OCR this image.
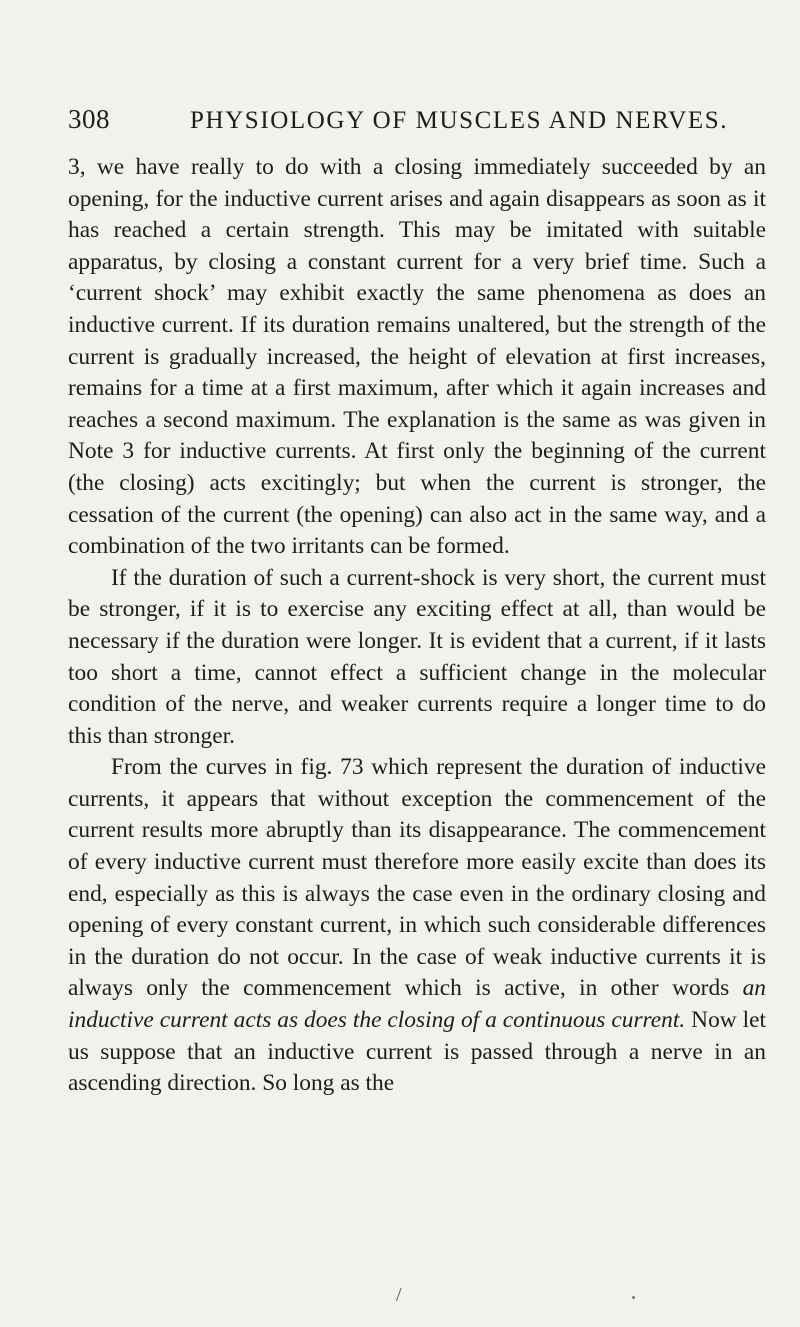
308	PHYSIOLOGY OF MUSCLES AND NERVES.

3, we have really to do with a closing immediately succeeded by an opening, for the inductive current arises and again disappears as soon as it has reached a certain strength. This may be imitated with suitable apparatus, by closing a constant current for a very brief time. Such a ‘current shock’ may exhibit exactly the same phenomena as does an inductive current. If its duration remains unaltered, but the strength of the current is gradually increased, the height of elevation at first increases, remains for a time at a first maximum, after which it again increases and reaches a second maximum. The explanation is the same as was given in Note 3 for inductive currents. At first only the beginning of the current (the closing) acts excitingly; but when the current is stronger, the cessation of the current (the opening) can also act in the same way, and a combination of the two irritants can be formed.

If the duration of such a current-shock is very short, the current must be stronger, if it is to exercise any exciting effect at all, than would be necessary if the duration were longer. It is evident that a current, if it lasts too short a time, cannot effect a sufficient change in the molecular condition of the nerve, and weaker currents require a longer time to do this than stronger.

From the curves in fig. 73 which represent the duration of inductive currents, it appears that without exception the commencement of the current results more abruptly than its disappearance. The commencement of every inductive current must therefore more easily excite than does its end, especially as this is always the case even in the ordinary closing and opening of every constant current, in which such considerable differences in the duration do not occur. In the case of weak inductive currents it is always only the commencement which is active, in other words an inductive current acts as does the closing of a continuous current. Now let us suppose that an inductive current is passed through a nerve in an ascending direction. So long as the

/
